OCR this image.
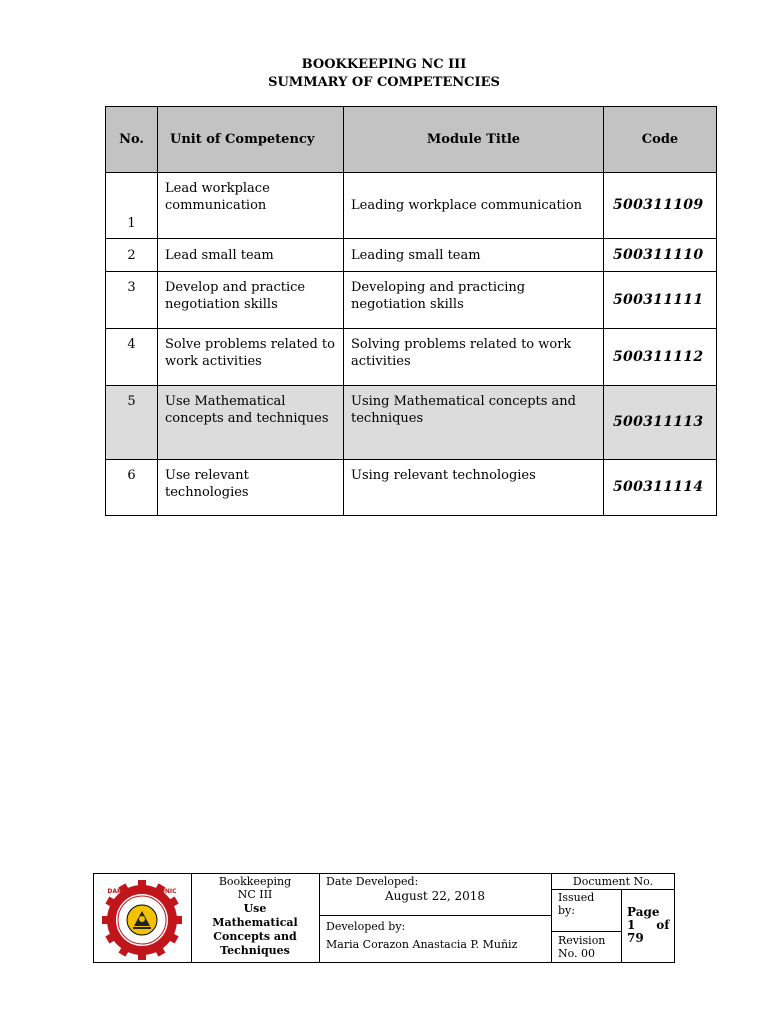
BOOKKEEPING NC III
SUMMARY OF COMPETENCIES
No.	Unit of Competency	Module Title	Code
1	Lead workplace communication	Leading workplace communication	500311109
2	Lead small team	Leading small team	500311110
3	Develop and practice negotiation skills	Developing and practicing negotiation skills	500311111
4	Solve problems related to work activities	Solving problems related to work activities	500311112
5	Use Mathematical concepts and techniques	Using Mathematical concepts and techniques	500311113
6	Use relevant technologies	Using relevant technologies	500311114
DARBI POLYTECHNIC
2012
Bookkeeping
NC III
Use
Mathematical
Concepts and
Techniques
Date Developed:
August 22, 2018
Developed by:
Maria Corazon Anastacia P. Muñiz
Document No.
Issued
by:
Revision
No. 00
Page
1     of
79
